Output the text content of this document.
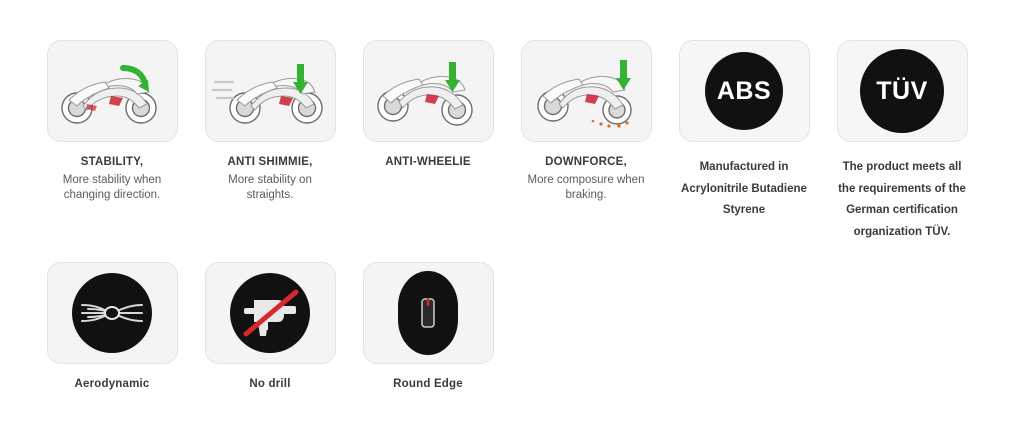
STABILITY,
More stability when changing direction.
ANTI SHIMMIE,
More stability on straights.
ANTI-WHEELIE	DOWNFORCE,
More composure when braking.
ABS
Manufactured in Acrylonitrile Butadiene Styrene
TÜV
The product meets all the requirements of the German certification organization TÜV.
Aerodynamic	No drill	Round Edge
